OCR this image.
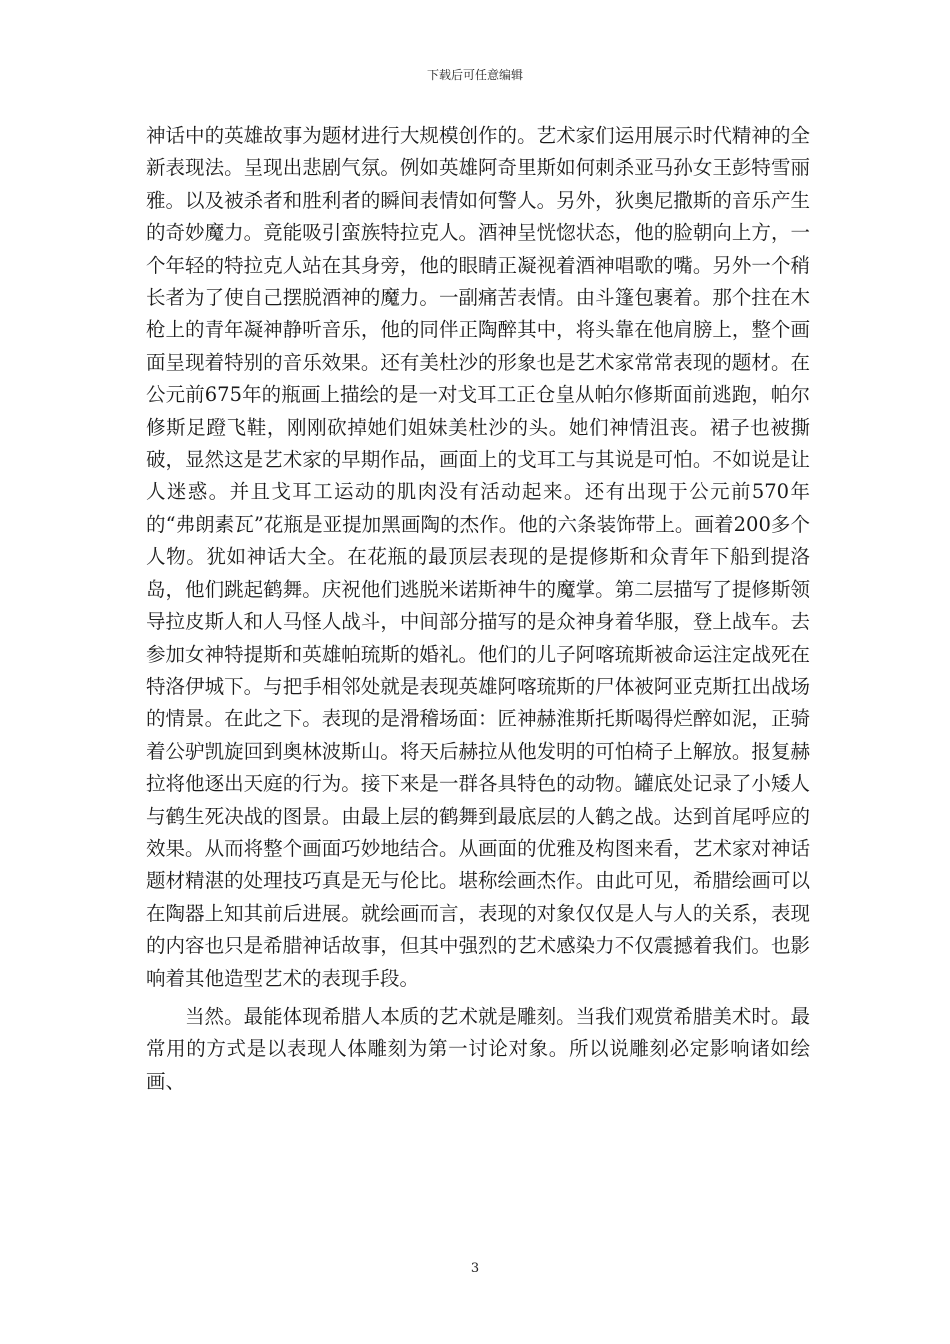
下载后可任意编辑

神话中的英雄故事为题材进行大规模创作的。艺术家们运用展示时代精神的全新表现法。呈现出悲剧气氛。例如英雄阿奇里斯如何刺杀亚马孙女王彭特雪丽雅。以及被杀者和胜利者的瞬间表情如何警人。另外，狄奥尼撒斯的音乐产生的奇妙魔力。竟能吸引蛮族特拉克人。酒神呈恍惚状态，他的脸朝向上方，一个年轻的特拉克人站在其身旁，他的眼睛正凝视着酒神唱歌的嘴。另外一个稍长者为了使自己摆脱酒神的魔力。一副痛苦表情。由斗篷包裹着。那个拄在木枪上的青年凝神静听音乐，他的同伴正陶醉其中，将头靠在他肩膀上，整个画面呈现着特别的音乐效果。还有美杜沙的形象也是艺术家常常表现的题材。在公元前675年的瓶画上描绘的是一对戈耳工正仓皇从帕尔修斯面前逃跑，帕尔修斯足蹬飞鞋，刚刚砍掉她们姐妹美杜沙的头。她们神情沮丧。裙子也被撕破，显然这是艺术家的早期作品，画面上的戈耳工与其说是可怕。不如说是让人迷惑。并且戈耳工运动的肌肉没有活动起来。还有出现于公元前570年的“弗朗素瓦”花瓶是亚提加黑画陶的杰作。他的六条装饰带上。画着200多个人物。犹如神话大全。在花瓶的最顶层表现的是提修斯和众青年下船到提洛岛，他们跳起鹤舞。庆祝他们逃脱米诺斯神牛的魔掌。第二层描写了提修斯领导拉皮斯人和人马怪人战斗，中间部分描写的是众神身着华服，登上战车。去参加女神特提斯和英雄帕琉斯的婚礼。他们的儿子阿喀琉斯被命运注定战死在特洛伊城下。与把手相邻处就是表现英雄阿喀琉斯的尸体被阿亚克斯扛出战场的情景。在此之下。表现的是滑稽场面：匠神赫淮斯托斯喝得烂醉如泥，正骑着公驴凯旋回到奥林波斯山。将天后赫拉从他发明的可怕椅子上解放。报复赫拉将他逐出天庭的行为。接下来是一群各具特色的动物。罐底处记录了小矮人与鹤生死决战的图景。由最上层的鹤舞到最底层的人鹤之战。达到首尾呼应的效果。从而将整个画面巧妙地结合。从画面的优雅及构图来看，艺术家对神话题材精湛的处理技巧真是无与伦比。堪称绘画杰作。由此可见，希腊绘画可以在陶器上知其前后进展。就绘画而言，表现的对象仅仅是人与人的关系，表现的内容也只是希腊神话故事，但其中强烈的艺术感染力不仅震撼着我们。也影响着其他造型艺术的表现手段。

当然。最能体现希腊人本质的艺术就是雕刻。当我们观赏希腊美术时。最常用的方式是以表现人体雕刻为第一讨论对象。所以说雕刻必定影响诸如绘画、

3
